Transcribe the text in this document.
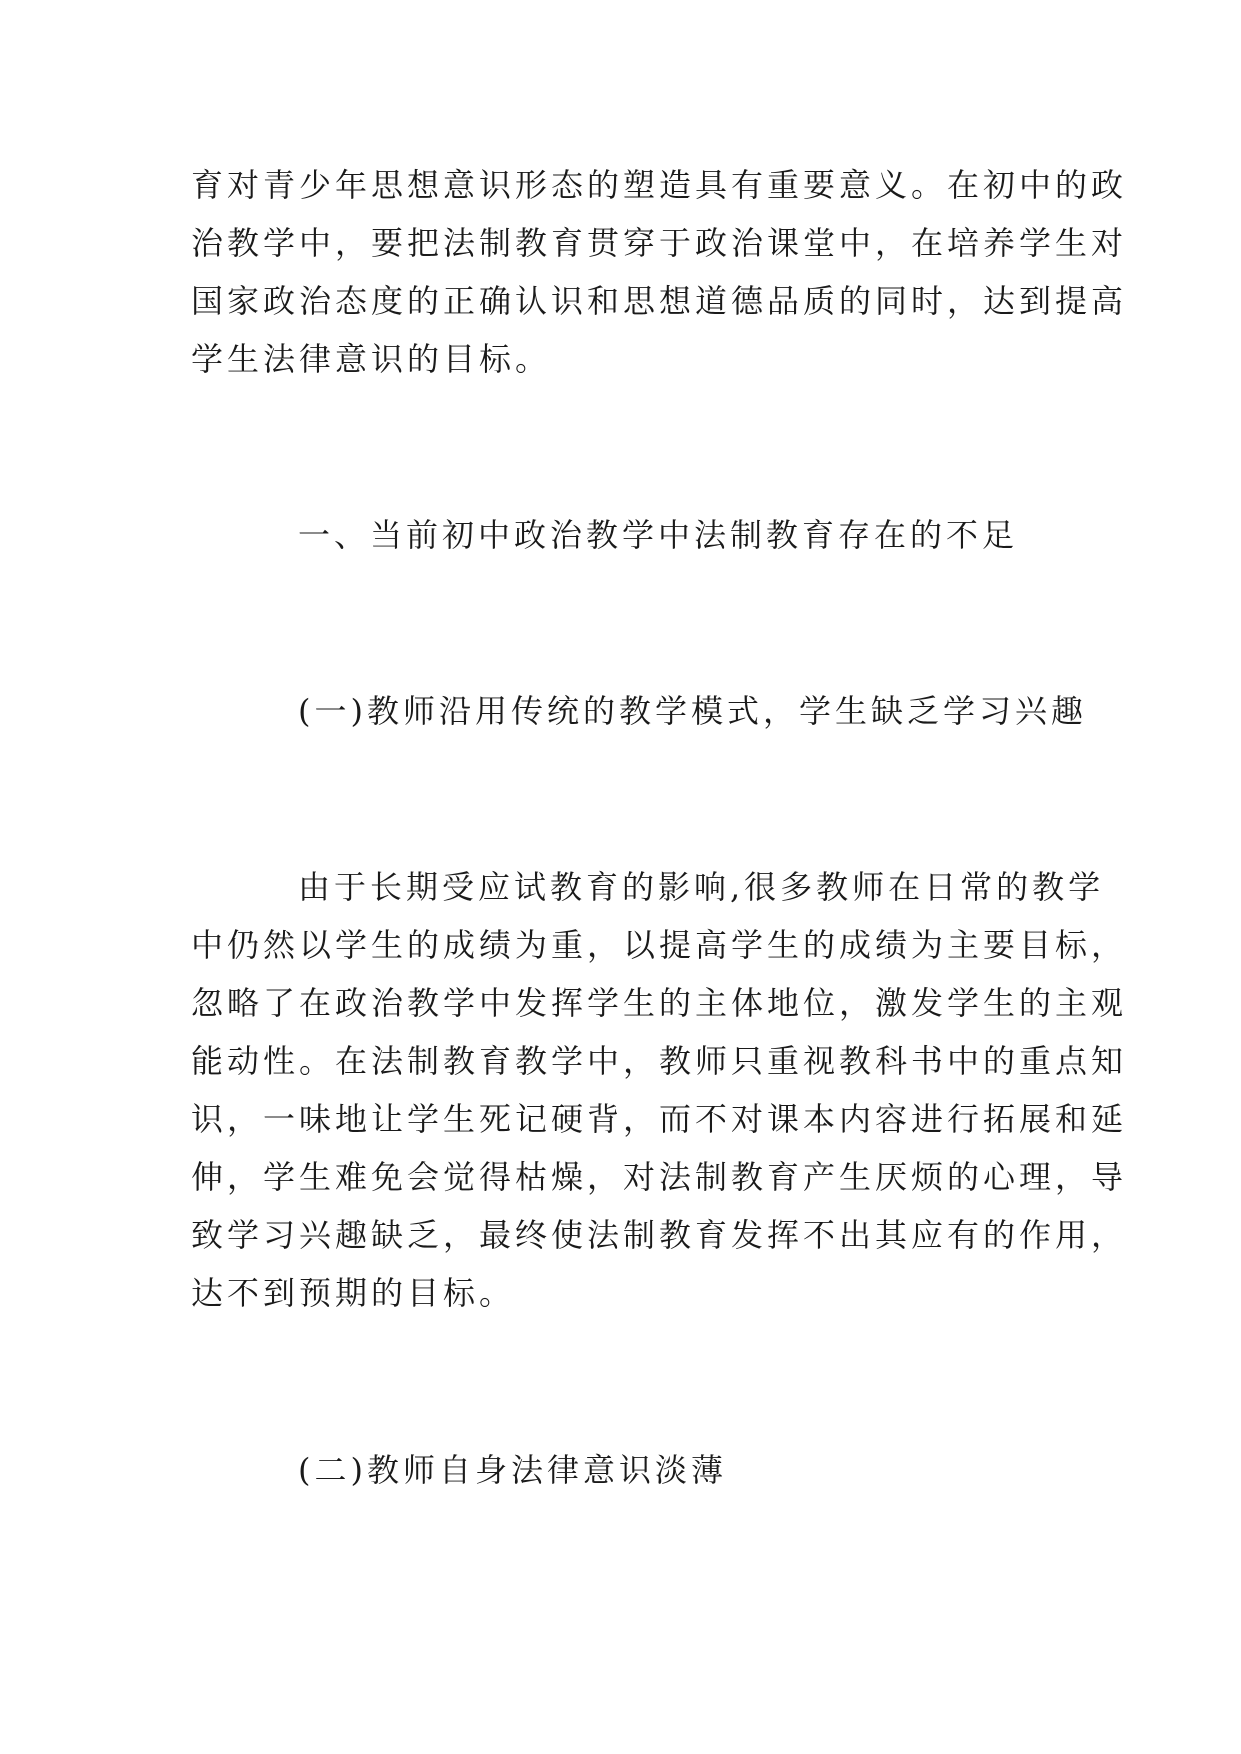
育对青少年思想意识形态的塑造具有重要意义。在初中的政
治教学中，要把法制教育贯穿于政治课堂中，在培养学生对
国家政治态度的正确认识和思想道德品质的同时，达到提高
学生法律意识的目标。
一、当前初中政治教学中法制教育存在的不足
(一)教师沿用传统的教学模式，学生缺乏学习兴趣
由于长期受应试教育的影响,很多教师在日常的教学
中仍然以学生的成绩为重，以提高学生的成绩为主要目标，
忽略了在政治教学中发挥学生的主体地位，激发学生的主观
能动性。在法制教育教学中，教师只重视教科书中的重点知
识，一味地让学生死记硬背，而不对课本内容进行拓展和延
伸，学生难免会觉得枯燥，对法制教育产生厌烦的心理，导
致学习兴趣缺乏，最终使法制教育发挥不出其应有的作用，
达不到预期的目标。
(二)教师自身法律意识淡薄
